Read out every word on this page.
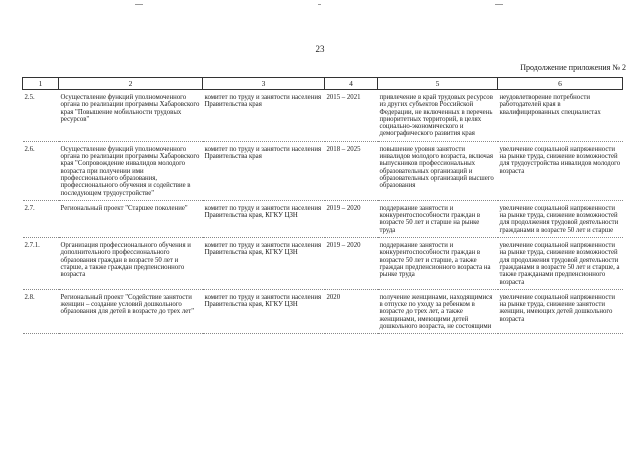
23
Продолжение приложения № 2
1	2	3	4	5	6
2.5.	Осуществление функций уполномоченного органа по реализации программы Хабаровского края "Повышение мобильности трудовых ресурсов"	комитет по труду и занятости населения Правительства края	2015 – 2021	привлечение в край трудовых ресурсов из других субъектов Российской Федерации, не включенных в перечень приоритетных территорий, в целях социально-экономического и демографического развития края	неудовлетворение потребности работодателей края в квалифицированных специалистах
2.6.	Осуществление функций уполномоченного органа по реализации программы Хабаровского края "Сопровождение инвалидов молодого возраста при получении ими профессионального образования, профессионального обучения и содействие в последующем трудоустройстве"	комитет по труду и занятости населения Правительства края	2018 – 2025	повышение уровня занятости инвалидов молодого возраста, включая выпускников профессиональных образовательных организаций и образовательных организаций высшего образования	увеличение социальной напряженности на рынке труда, снижение возможностей для трудоустройства инвалидов молодого возраста
2.7.	Региональный проект "Старшее поколение"	комитет по труду и занятости населения Правительства края, КГКУ ЦЗН	2019 – 2020	поддержание занятости и конкурентоспособности граждан в возрасте 50 лет и старше на рынке труда	увеличение социальной напряженности на рынке труда, снижение возможностей для продолжения трудовой деятельности гражданами в возрасте 50 лет и старше
2.7.1.	Организация профессионального обучения и дополнительного профессионального образования граждан в возрасте 50 лет и старше, а также граждан предпенсионного возраста	комитет по труду и занятости населения Правительства края, КГКУ ЦЗН	2019 – 2020	поддержание занятости и конкурентоспособности граждан в возрасте 50 лет и старше, а также граждан предпенсионного возраста на рынке труда	увеличение социальной напряженности на рынке труда, снижение возможностей для продолжения трудовой деятельности гражданами в возрасте 50 лет и старше, а также гражданами предпенсионного возраста
2.8.	Региональный проект "Содействие занятости женщин – создание условий дошкольного образования для детей в возрасте до трех лет"	комитет по труду и занятости населения Правительства края, КГКУ ЦЗН	2020	получение женщинами, находящимися в отпуске по уходу за ребенком в возрасте до трех лет, а также женщинами, имеющими детей дошкольного возраста, не состоящими	увеличение социальной напряженности на рынке труда, снижение занятости женщин, имеющих детей дошкольного возраста
